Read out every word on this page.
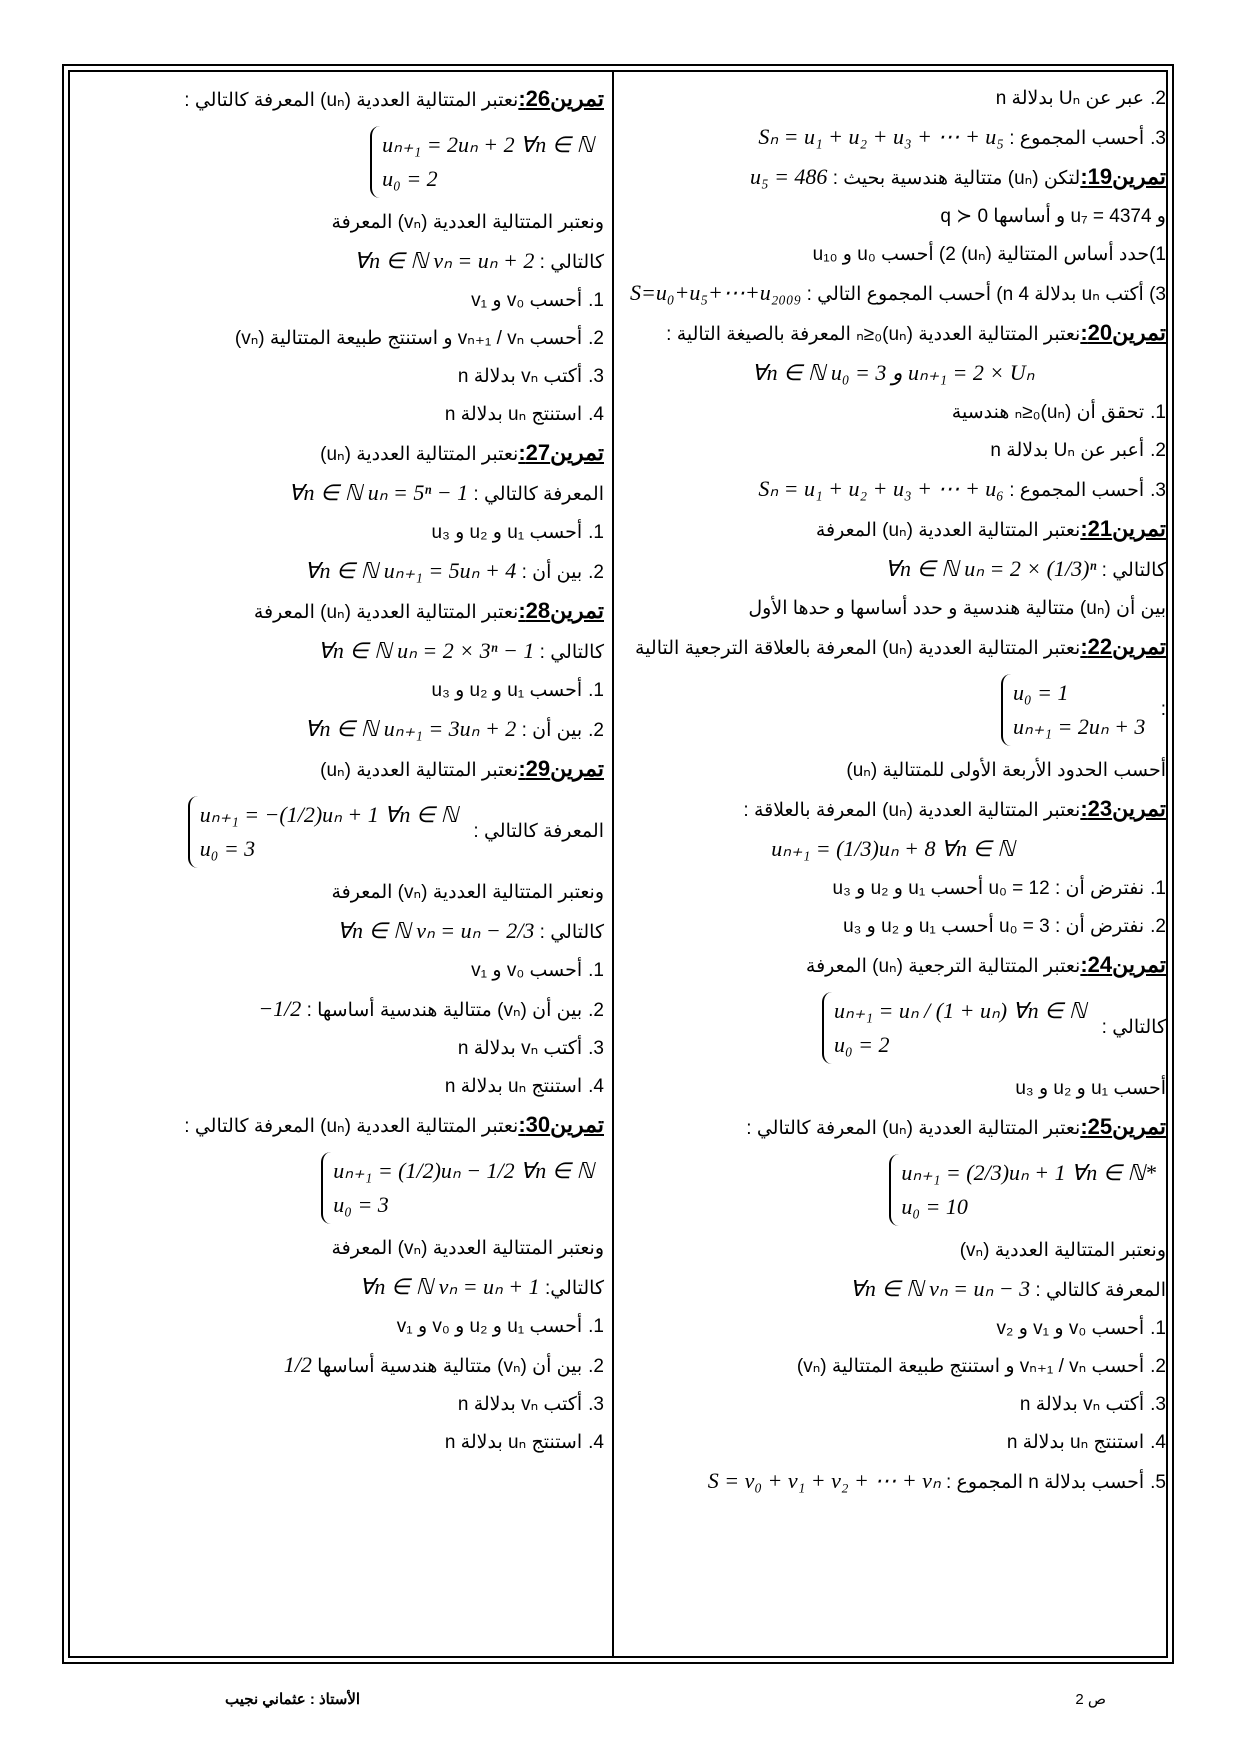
2.عبر عن Uₙ بدلالة n
3.أحسب المجموع : Sₙ = u₁ + u₂ + u₃ + ⋯ + u₅
تمرين19:لتكن (uₙ) متتالية هندسية بحيث : u₅ = 486
و u₇ = 4374 و أساسها q ≻ 0
1)حدد أساس المتتالية (uₙ) 2) أحسب u₀ و u₁₀
3) أكتب uₙ بدلالة n 4) أحسب المجموع التالي : S=u₀+u₅+⋯+u₂₀₀₉
تمرين20:نعتبر المتتالية العددية (uₙ)ₙ≥₀ المعرفة بالصيغة التالية :
∀n ∈ ℕ u₀ = 3 و uₙ₊₁ = 2 × Uₙ
1.تحقق أن (uₙ)ₙ≥₀ هندسية
2.أعبر عن Uₙ بدلالة n
3.أحسب المجموع : Sₙ = u₁ + u₂ + u₃ + ⋯ + u₆
تمرين21:نعتبر المتتالية العددية (uₙ) المعرفة
كالتالي : ∀n ∈ ℕ uₙ = 2 × (1/3)ⁿ
بين أن (uₙ) متتالية هندسية و حدد أساسها و حدها الأول
تمرين22:نعتبر المتتالية العددية (uₙ) المعرفة بالعلاقة الترجعية التالية
:
u₀ = 1
uₙ₊₁ = 2uₙ + 3
أحسب الحدود الأربعة الأولى للمتتالية (uₙ)
تمرين23:نعتبر المتتالية العددية (uₙ) المعرفة بالعلاقة :
uₙ₊₁ = (1/3)uₙ + 8 ∀n ∈ ℕ
1.نفترض أن : u₀ = 12 أحسب u₁ و u₂ و u₃
2.نفترض أن : u₀ = 3 أحسب u₁ و u₂ و u₃
تمرين24:نعتبر المتتالية الترجعية (uₙ) المعرفة
كالتالي :
uₙ₊₁ = uₙ / (1 + uₙ) ∀n ∈ ℕ
u₀ = 2
أحسب u₁ و u₂ و u₃
تمرين25:نعتبر المتتالية العددية (uₙ) المعرفة كالتالي :
uₙ₊₁ = (2/3)uₙ + 1 ∀n ∈ ℕ*
u₀ = 10
ونعتبر المتتالية العددية (vₙ)
المعرفة كالتالي : ∀n ∈ ℕ vₙ = uₙ − 3
1.أحسب v₀ و v₁ و v₂
2.أحسب vₙ₊₁ / vₙ و استنتج طبيعة المتتالية (vₙ)
3.أكتب vₙ بدلالة n
4.استنتج uₙ بدلالة n
5.أحسب بدلالة n المجموع : S = v₀ + v₁ + v₂ + ⋯ + vₙ
تمرين26:نعتبر المتتالية العددية (uₙ) المعرفة كالتالي :
uₙ₊₁ = 2uₙ + 2 ∀n ∈ ℕ
u₀ = 2
ونعتبر المتتالية العددية (vₙ) المعرفة
كالتالي : ∀n ∈ ℕ vₙ = uₙ + 2
1.أحسب v₀ و v₁
2.أحسب vₙ₊₁ / vₙ و استنتج طبيعة المتتالية (vₙ)
3.أكتب vₙ بدلالة n
4.استنتج uₙ بدلالة n
تمرين27:نعتبر المتتالية العددية (uₙ)
المعرفة كالتالي : ∀n ∈ ℕ uₙ = 5ⁿ − 1
1.أحسب u₁ و u₂ و u₃
2.بين أن : ∀n ∈ ℕ uₙ₊₁ = 5uₙ + 4
تمرين28:نعتبر المتتالية العددية (uₙ) المعرفة
كالتالي : ∀n ∈ ℕ uₙ = 2 × 3ⁿ − 1
1.أحسب u₁ و u₂ و u₃
2.بين أن : ∀n ∈ ℕ uₙ₊₁ = 3uₙ + 2
تمرين29:نعتبر المتتالية العددية (uₙ)
المعرفة كالتالي :
uₙ₊₁ = −(1/2)uₙ + 1 ∀n ∈ ℕ
u₀ = 3
ونعتبر المتتالية العددية (vₙ) المعرفة
كالتالي : ∀n ∈ ℕ vₙ = uₙ − 2/3
1.أحسب v₀ و v₁
2.بين أن (vₙ) متتالية هندسية أساسها : −1/2
3.أكتب vₙ بدلالة n
4.استنتج uₙ بدلالة n
تمرين30:نعتبر المتتالية العددية (uₙ) المعرفة كالتالي :
uₙ₊₁ = (1/2)uₙ − 1/2 ∀n ∈ ℕ
u₀ = 3
ونعتبر المتتالية العددية (vₙ) المعرفة
كالتالي: ∀n ∈ ℕ vₙ = uₙ + 1
1.أحسب u₁ و u₂ و v₀ و v₁
2.بين أن (vₙ) متتالية هندسية أساسها 1/2
3.أكتب vₙ بدلالة n
4.استنتج uₙ بدلالة n
ص 2
الأستاذ : عثماني نجيب
